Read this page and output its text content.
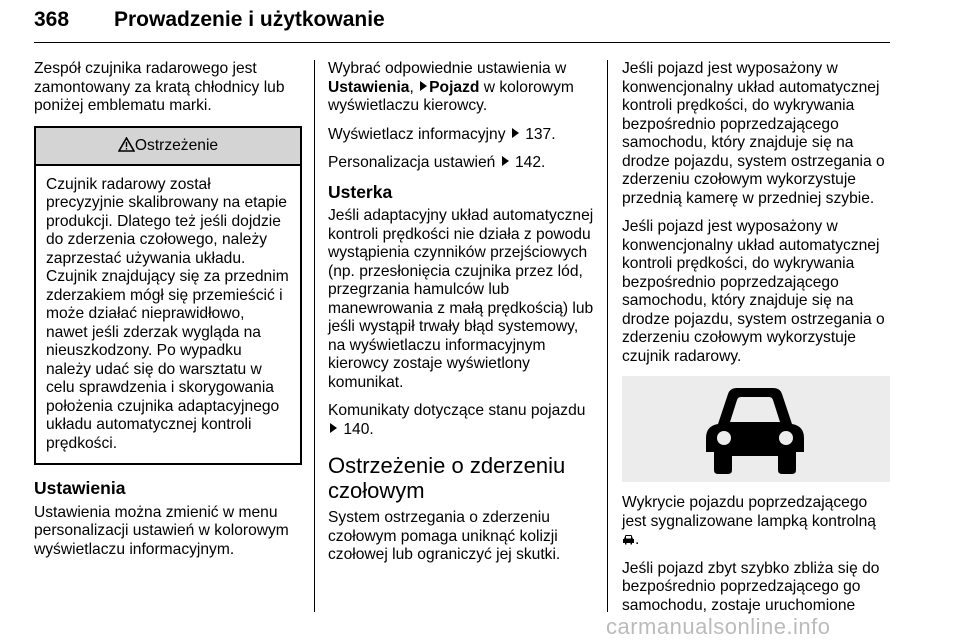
368 Prowadzenie i użytkowanie

Zespół czujnika radarowego jest zamontowany za kratą chłodnicy lub poniżej emblematu marki.

Ostrzeżenie
Czujnik radarowy został precyzyjnie skalibrowany na etapie produkcji. Dlatego też jeśli dojdzie do zderzenia czołowego, należy zaprzestać używania układu. Czujnik znajdujący się za przednim zderzakiem mógł się przemieścić i może działać nieprawidłowo, nawet jeśli zderzak wygląda na nieuszkodzony. Po wypadku należy udać się do warsztatu w celu sprawdzenia i skorygowania położenia czujnika adaptacyjnego układu automatycznej kontroli prędkości.
Ustawienia

Ustawienia można zmienić w menu personalizacji ustawień w kolorowym wyświetlaczu informacyjnym.

Wybrać odpowiednie ustawienia w Ustawienia, Pojazd w kolorowym wyświetlaczu kierowcy.

Wyświetlacz informacyjny 137.

Personalizacja ustawień 142.

Usterka

Jeśli adaptacyjny układ automatycznej kontroli prędkości nie działa z powodu wystąpienia czynników przejściowych (np. przesłonięcia czujnika przez lód, przegrzania hamulców lub manewrowania z małą prędkością) lub jeśli wystąpił trwały błąd systemowy, na wyświetlaczu informacyjnym kierowcy zostaje wyświetlony komunikat.

Komunikaty dotyczące stanu pojazdu
140.

Ostrzeżenie o zderzeniu czołowym

System ostrzegania o zderzeniu czołowym pomaga uniknąć kolizji czołowej lub ograniczyć jej skutki.

Jeśli pojazd jest wyposażony w konwencjonalny układ automatycznej kontroli prędkości, do wykrywania bezpośrednio poprzedzającego samochodu, który znajduje się na drodze pojazdu, system ostrzegania o zderzeniu czołowym wykorzystuje przednią kamerę w przedniej szybie.

Jeśli pojazd jest wyposażony w konwencjonalny układ automatycznej kontroli prędkości, do wykrywania bezpośrednio poprzedzającego samochodu, który znajduje się na drodze pojazdu, system ostrzegania o zderzeniu czołowym wykorzystuje czujnik radarowy.

Wykrycie pojazdu poprzedzającego jest sygnalizowane lampką kontrolną
.

Jeśli pojazd zbyt szybko zbliża się do bezpośrednio poprzedzającego go samochodu, zostaje uruchomione

carmanualsonline.info
